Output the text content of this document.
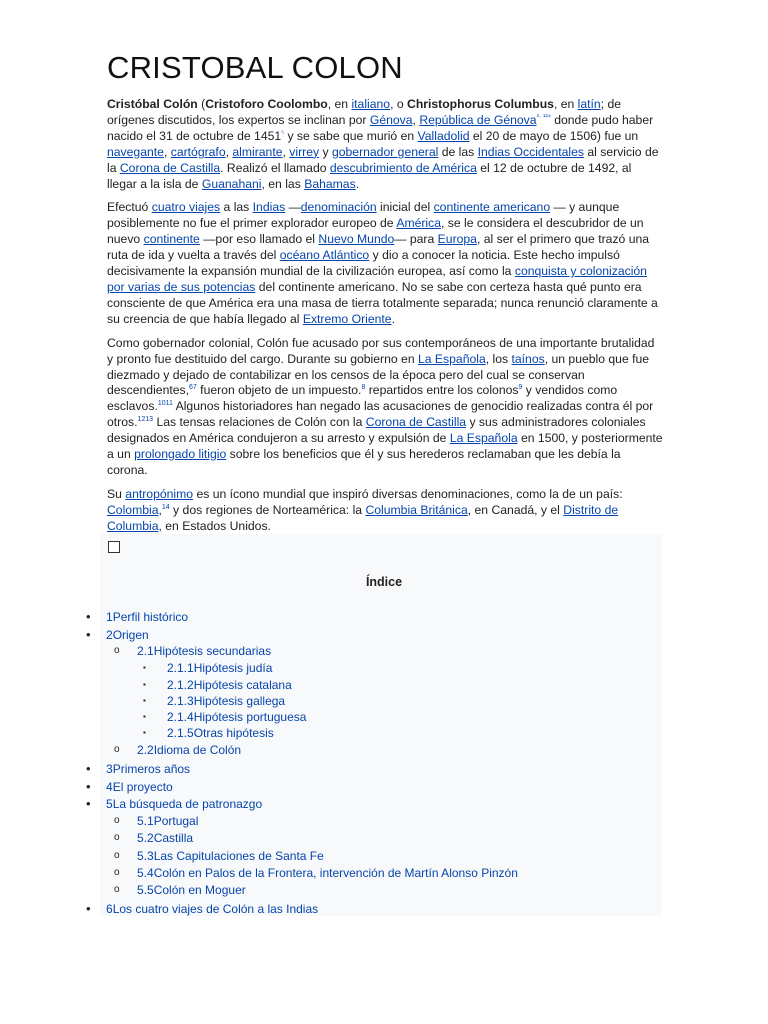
CRISTOBAL COLON

Cristóbal Colón (Cristoforo Coolombo, en italiano, o Christophorus Columbus, en latín; de orígenes discutidos, los expertos se inclinan por Génova, República de Génova$^{^3\cdot ^{124}}$ donde pudo haber nacido el 31 de octubre de $1451^{^5}$ y se sabe que murió en Valladolid el 20 de mayo de 1506) fue un navegante, cartógrafo, almirante, virrey y gobernador general de las Indias Occidentales al servicio de la Corona de Castilla. Realizó el llamado descubrimiento de América el 12 de octubre de 1492, al llegar a la isla de Guanahani, en las Bahamas.

Efectuó cuatro viajes a las Indias —denominación inicial del continente americano — y aunque posiblemente no fue el primer explorador europeo de América, se le considera el descubridor de un nuevo continente —por eso llamado el Nuevo Mundo— para Europa, al ser el primero que trazó una ruta de ida y vuelta a través del océano Atlántico y dio a conocer la noticia. Este hecho impulsó decisivamente la expansión mundial de la civilización europea, así como la conquista y colonización por varias de sus potencias del continente americano. No se sabe con certeza hasta qué punto era consciente de que América era una masa de tierra totalmente separada; nunca renunció claramente a su creencia de que había llegado al Extremo Oriente.

Como gobernador colonial, Colón fue acusado por sus contemporáneos de una importante brutalidad y pronto fue destituido del cargo. Durante su gobierno en La Española, los taínos, un pueblo que fue diezmado y dejado de contabilizar en los censos de la época pero del cual se conservan descendientes,$^{67}$ fueron objeto de un impuesto.$^8$ repartidos entre los colonos$^9$ y vendidos como esclavos.$^{1011}$ Algunos historiadores han negado las acusaciones de genocidio realizadas contra él por otros.$^{1213}$ Las tensas relaciones de Colón con la Corona de Castilla y sus administradores coloniales designados en América condujeron a su arresto y expulsión de La Española en 1500, y posteriormente a un prolongado litigio sobre los beneficios que él y sus herederos reclamaban que les debía la corona.

Su antropónimo es un ícono mundial que inspiró diversas denominaciones, como la de un país: Colombia,$^{14}$ y dos regiones de Norteamérica: la Columbia Británica, en Canadá, y el Distrito de Columbia, en Estados Unidos.

Índice
• 1Perfil histórico
• 2Origen
o 2.1Hipótesis secundarias
▪ 2.1.1Hipótesis judía
▪ 2.1.2Hipótesis catalana
▪ 2.1.3Hipótesis gallega
▪ 2.1.4Hipótesis portuguesa
▪ 2.1.5Otras hipótesis
o 2.2Idioma de Colón
• 3Primeros años
• 4El proyecto
• 5La búsqueda de patronazgo
o 5.1Portugal
o 5.2Castilla
o 5.3Las Capitulaciones de Santa Fe
o 5.4Colón en Palos de la Frontera, intervención de Martín Alonso Pinzón
o 5.5Colón en Moguer
• 6Los cuatro viajes de Colón a las Indias
